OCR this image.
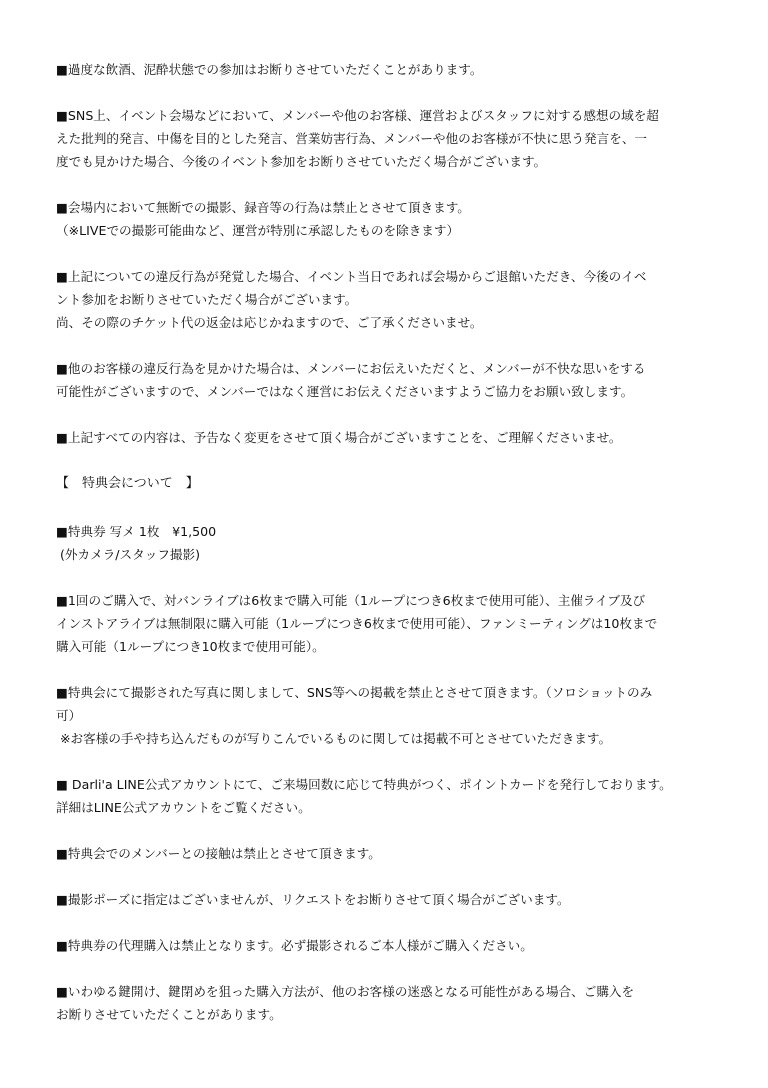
■過度な飲酒、泥酔状態での参加はお断りさせていただくことがあります。
■SNS上、イベント会場などにおいて、メンバーや他のお客様、運営およびスタッフに対する感想の域を超
えた批判的発言、中傷を目的とした発言、営業妨害行為、メンバーや他のお客様が不快に思う発言を、一
度でも見かけた場合、今後のイベント参加をお断りさせていただく場合がございます。
■会場内において無断での撮影、録音等の行為は禁止とさせて頂きます。
（※LIVEでの撮影可能曲など、運営が特別に承認したものを除きます）
■上記についての違反行為が発覚した場合、イベント当日であれば会場からご退館いただき、今後のイベ
ント参加をお断りさせていただく場合がございます。
尚、その際のチケット代の返金は応じかねますので、ご了承くださいませ。
■他のお客様の違反行為を見かけた場合は、メンバーにお伝えいただくと、メンバーが不快な思いをする
可能性がございますので、メンバーではなく運営にお伝えくださいますようご協力をお願い致します。
■上記すべての内容は、予告なく変更をさせて頂く場合がございますことを、ご理解くださいませ。
【　特典会について　】
■特典券 写メ 1枚　¥1,500
(外カメラ/スタッフ撮影)
■1回のご購入で、対バンライブは6枚まで購入可能（1ループにつき6枚まで使用可能）、主催ライブ及び
インストアライブは無制限に購入可能（1ループにつき6枚まで使用可能）、ファンミーティングは10枚まで
購入可能（1ループにつき10枚まで使用可能）。
■特典会にて撮影された写真に関しまして、SNS等への掲載を禁止とさせて頂きます。（ソロショットのみ
可）
※お客様の手や持ち込んだものが写りこんでいるものに関しては掲載不可とさせていただきます。
■ Darli'a LINE公式アカウントにて、ご来場回数に応じて特典がつく、ポイントカードを発行しております。
詳細はLINE公式アカウントをご覧ください。
■特典会でのメンバーとの接触は禁止とさせて頂きます。
■撮影ポーズに指定はございませんが、リクエストをお断りさせて頂く場合がございます。
■特典券の代理購入は禁止となります。必ず撮影されるご本人様がご購入ください。
■いわゆる鍵開け、鍵閉めを狙った購入方法が、他のお客様の迷惑となる可能性がある場合、ご購入を
お断りさせていただくことがあります。
